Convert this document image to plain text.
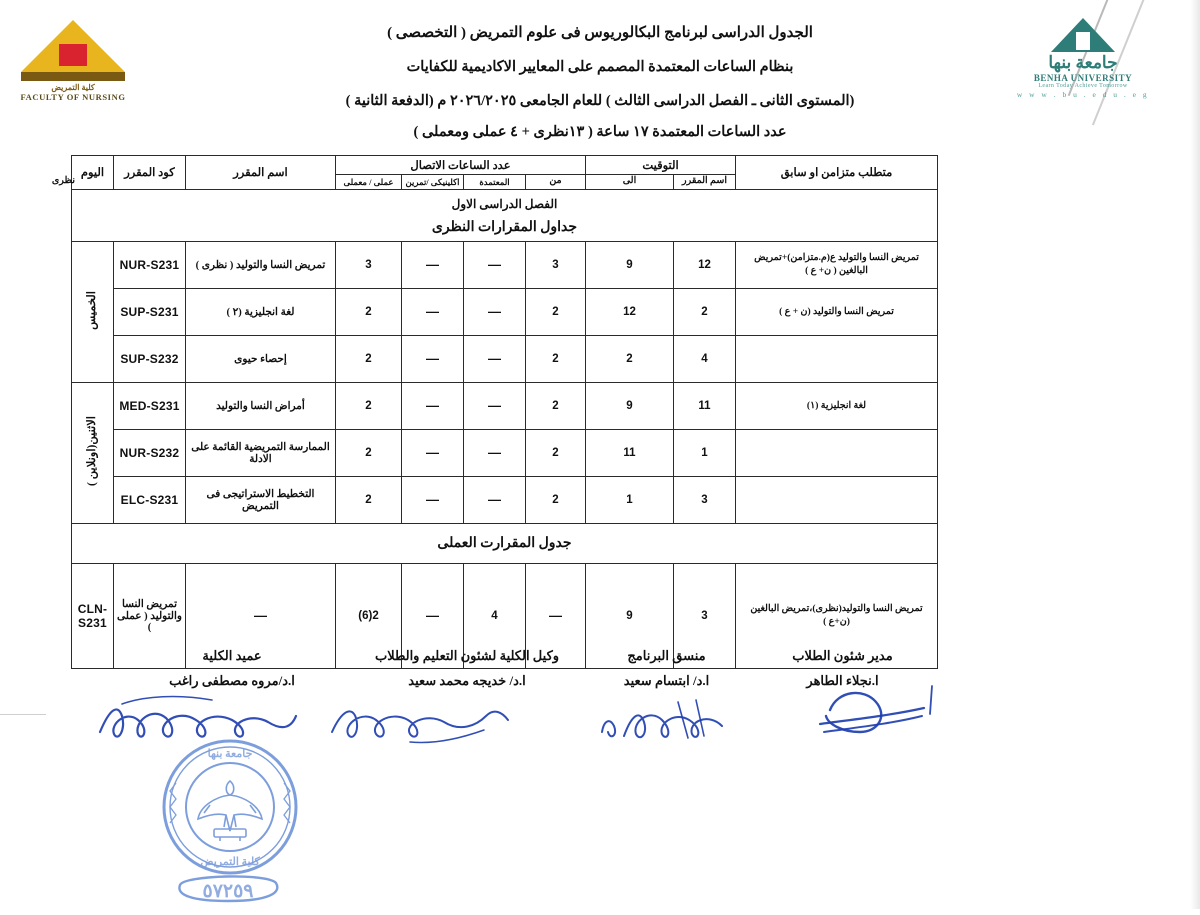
كلية التمريض
FACULTY OF NURSING
جامعة بنها
BENHA UNIVERSITY
Learn Today Achieve Tomorrow
w w w . b u . e d u . e g
الجدول الدراسى لبرنامج البكالوريوس فى علوم التمريض ( التخصصى )
بنظام الساعات المعتمدة المصمم على المعايير الاكاديمية للكفايات
(المستوى الثانى ـ الفصل الدراسى الثالث ) للعام الجامعى ٢٠٢٦/٢٠٢٥ م (الدفعة الثانية )
عدد الساعات المعتمدة ١٧ ساعة ( ١٣نظرى + ٤ عملى ومعملى )
متطلب متزامن او سابق	التوقيت		عدد الساعات الاتصال				اسم المقرر	كود المقرر	اليوم	
	اسم المقرر	الى	من	المعتمدة	اكلينيكى /تمرين	عملى / معملى				نظرى

الفصل الدراسى الاول
جداول المقرارات النظرى										

تمريض النسا والتوليد ع(م.متزامن)+تمريض البالغين ( ن+ ع )	12	9	3	—	—	3	تمريض النسا والتوليد ( نظرى )	NUR-S231	الخميس	
تمريض النسا والتوليد (ن + ع )	2	12	2	—	—	2	لغة انجليزية (٢ )	SUP-S231		
	4	2	2	—	—	2	إحصاء حيوى	SUP-S232		
لغة انجليزية (١)	11	9	2	—	—	2	أمراض النسا والتوليد	MED-S231	الاثنين(اونلاين )	
	1	11	2	—	—	2	الممارسة التمريضية القائمة على الادلة	NUR-S232		
	3	1	2	—	—	2	التخطيط الاستراتيجى فى التمريض	ELC-S231		
جدول المقرارت العملى										
تمريض النسا والتوليد(نظرى)،تمريض البالغين (ن+ع )	3	9	—	4	—	2(6)	—	تمريض النسا والتوليد ( عملى )	CLN-S231	
مدير شئون الطلاب
ا.نجلاء الطاهر
منسق البرنامج
ا.د/ ابتسام سعيد
وكيل الكلية لشئون التعليم والطلاب
ا.د/ خديجه محمد سعيد
عميد الكلية
ا.د/مروه مصطفى راغب
جامعة بنها
كلية التمريض
٥٧٢٥٩
